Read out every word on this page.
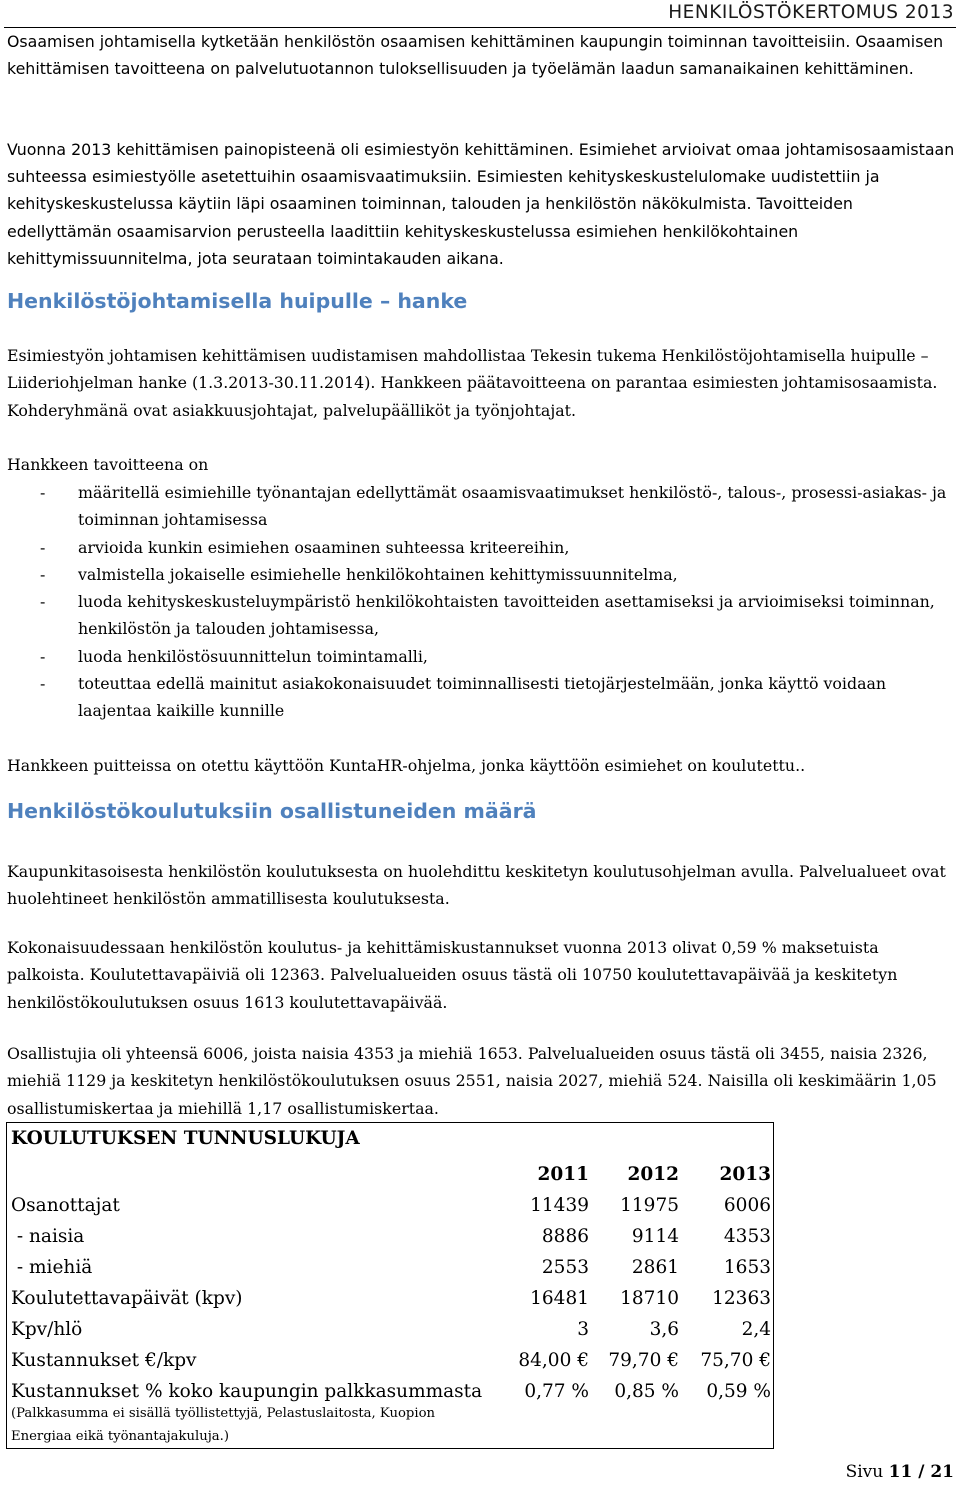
HENKILÖSTÖKERTOMUS 2013
Osaamisen johtamisella kytketään henkilöstön osaamisen kehittäminen kaupungin toiminnan tavoitteisiin. Osaamisen kehittämisen tavoitteena on palvelutuotannon tuloksellisuuden ja työelämän laadun samanaikainen kehittäminen.
Vuonna 2013 kehittämisen painopisteenä oli esimiestyön kehittäminen. Esimiehet arvioivat omaa johtamisosaamistaan suhteessa esimiestyölle asetettuihin osaamisvaatimuksiin. Esimiesten kehityskeskustelulomake uudistettiin ja kehityskeskustelussa käytiin läpi osaaminen toiminnan, talouden ja henkilöstön näkökulmista. Tavoitteiden edellyttämän osaamisarvion perusteella laadittiin kehityskeskustelussa esimiehen henkilökohtainen kehittymissuunnitelma, jota seurataan toimintakauden aikana.
Henkilöstöjohtamisella huipulle – hanke
Esimiestyön johtamisen kehittämisen uudistamisen mahdollistaa Tekesin tukema Henkilöstöjohtamisella huipulle –Liideriohjelman hanke (1.3.2013-30.11.2014). Hankkeen päätavoitteena on parantaa esimiesten johtamisosaamista. Kohderyhmänä ovat asiakkuusjohtajat, palvelupäälliköt ja työnjohtajat.
Hankkeen tavoitteena on
- määritellä esimiehille työnantajan edellyttämät osaamisvaatimukset henkilöstö-, talous-, prosessi-asiakas- ja toiminnan johtamisessa
- arvioida kunkin esimiehen osaaminen suhteessa kriteereihin,
- valmistella jokaiselle esimiehelle henkilökohtainen kehittymissuunnitelma,
- luoda kehityskeskusteluympäristö henkilökohtaisten tavoitteiden asettamiseksi ja arvioimiseksi toiminnan, henkilöstön ja talouden johtamisessa,
- luoda henkilöstösuunnittelun toimintamalli,
- toteuttaa edellä mainitut asiakokonaisuudet toiminnallisesti tietojärjestelmään, jonka käyttö voidaan laajentaa kaikille kunnille
Hankkeen puitteissa on otettu käyttöön KuntaHR-ohjelma, jonka käyttöön esimiehet on koulutettu..
Henkilöstökoulutuksiin osallistuneiden määrä
Kaupunkitasoisesta henkilöstön koulutuksesta on huolehdittu keskitetyn koulutusohjelman avulla. Palvelualueet ovat huolehtineet henkilöstön ammatillisesta koulutuksesta.
Kokonaisuudessaan henkilöstön koulutus- ja kehittämiskustannukset vuonna 2013 olivat 0,59 % maksetuista palkoista. Koulutettavapäiviä oli 12363. Palvelualueiden osuus tästä oli 10750 koulutettavapäivää ja keskitetyn henkilöstökoulutuksen osuus 1613 koulutettavapäivää.
Osallistujia oli yhteensä 6006, joista naisia 4353 ja miehiä 1653. Palvelualueiden osuus tästä oli 3455, naisia 2326, miehiä 1129 ja keskitetyn henkilöstökoulutuksen osuus 2551, naisia 2027, miehiä 524. Naisilla oli keskimäärin 1,05 osallistumiskertaa ja miehillä 1,17 osallistumiskertaa.
KOULUTUKSEN TUNNUSLUKUJA
	2011	2012	2013
Osanottajat	11439	11975	6006
- naisia	8886	9114	4353
- miehiä	2553	2861	1653
Koulutettavapäivät (kpv)	16481	18710	12363
Kpv/hlö	3	3,6	2,4
Kustannukset €/kpv	84,00 €	79,70 €	75,70 €
Kustannukset % koko kaupungin palkkasummasta	0,77 %	0,85 %	0,59 %
(Palkkasumma ei sisällä työllistettyjä, Pelastuslaitosta, Kuopion
Energiaa eikä työnantajakuluja.)
Sivu 11 / 21
